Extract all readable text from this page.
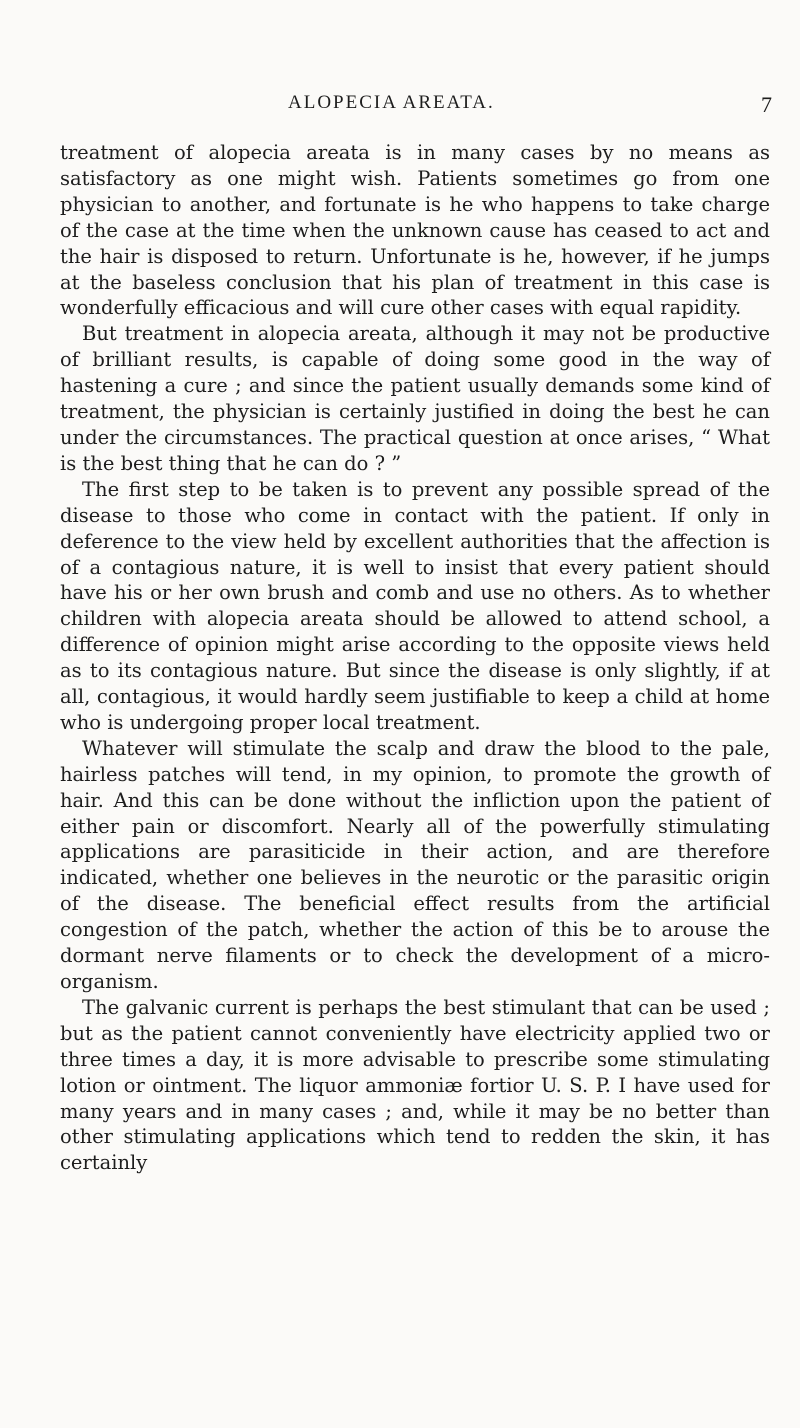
ALOPECIA AREATA.	7

treatment of alopecia areata is in many cases by no means as satisfactory as one might wish. Patients sometimes go from one physician to another, and fortunate is he who happens to take charge of the case at the time when the unknown cause has ceased to act and the hair is disposed to return. Unfortunate is he, however, if he jumps at the baseless conclusion that his plan of treatment in this case is wonderfully efficacious and will cure other cases with equal rapidity.

But treatment in alopecia areata, although it may not be productive of brilliant results, is capable of doing some good in the way of hastening a cure ; and since the patient usually demands some kind of treatment, the physician is certainly justified in doing the best he can under the circumstances. The practical question at once arises, “ What is the best thing that he can do ? ”

The first step to be taken is to prevent any possible spread of the disease to those who come in contact with the patient. If only in deference to the view held by excellent authorities that the affection is of a contagious nature, it is well to insist that every patient should have his or her own brush and comb and use no others. As to whether children with alopecia areata should be allowed to attend school, a difference of opinion might arise according to the opposite views held as to its contagious nature. But since the disease is only slightly, if at all, contagious, it would hardly seem justifiable to keep a child at home who is undergoing proper local treatment.

Whatever will stimulate the scalp and draw the blood to the pale, hairless patches will tend, in my opinion, to promote the growth of hair. And this can be done without the infliction upon the patient of either pain or discomfort. Nearly all of the powerfully stimulating applications are parasiticide in their action, and are therefore indicated, whether one believes in the neurotic or the parasitic origin of the disease. The beneficial effect results from the artificial congestion of the patch, whether the action of this be to arouse the dormant nerve filaments or to check the development of a micro-organism.

The galvanic current is perhaps the best stimulant that can be used ; but as the patient cannot conveniently have electricity applied two or three times a day, it is more advisable to prescribe some stimulating lotion or ointment. The liquor ammoniæ fortior U. S. P. I have used for many years and in many cases ; and, while it may be no better than other stimulating applications which tend to redden the skin, it has certainly
